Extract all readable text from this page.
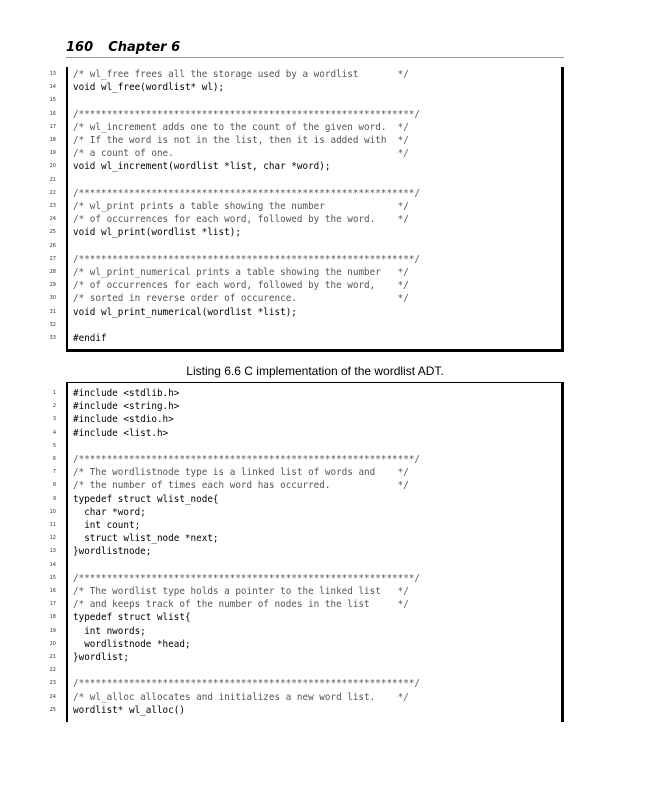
160 Chapter 6
13 /* wl_free frees all the storage used by a wordlist       */
14 void wl_free(wordlist* wl);
15
16 /************************************************************/
17 /* wl_increment adds one to the count of the given word.  */
18 /* If the word is not in the list, then it is added with  */
19 /* a count of one.                                        */
20 void wl_increment(wordlist *list, char *word);
21
22 /************************************************************/
23 /* wl_print prints a table showing the number             */
24 /* of occurrences for each word, followed by the word.    */
25 void wl_print(wordlist *list);
26
27 /************************************************************/
28 /* wl_print_numerical prints a table showing the number   */
29 /* of occurrences for each word, followed by the word,    */
30 /* sorted in reverse order of occurence.                  */
31 void wl_print_numerical(wordlist *list);
32
33 #endif
Listing 6.6 C implementation of the wordlist ADT.
1 #include <stdlib.h>
2 #include <string.h>
3 #include <stdio.h>
4 #include <list.h>
5
6 /************************************************************/
7 /* The wordlistnode type is a linked list of words and    */
8 /* the number of times each word has occurred.            */
9 typedef struct wlist_node{
10 char *word;
11 int count;
12 struct wlist_node *next;
13 }wordlistnode;
14
15 /************************************************************/
16 /* The wordlist type holds a pointer to the linked list   */
17 /* and keeps track of the number of nodes in the list     */
18 typedef struct wlist{
19 int nwords;
20 wordlistnode *head;
21 }wordlist;
22
23 /************************************************************/
24 /* wl_alloc allocates and initializes a new word list.    */
25 wordlist* wl_alloc()
